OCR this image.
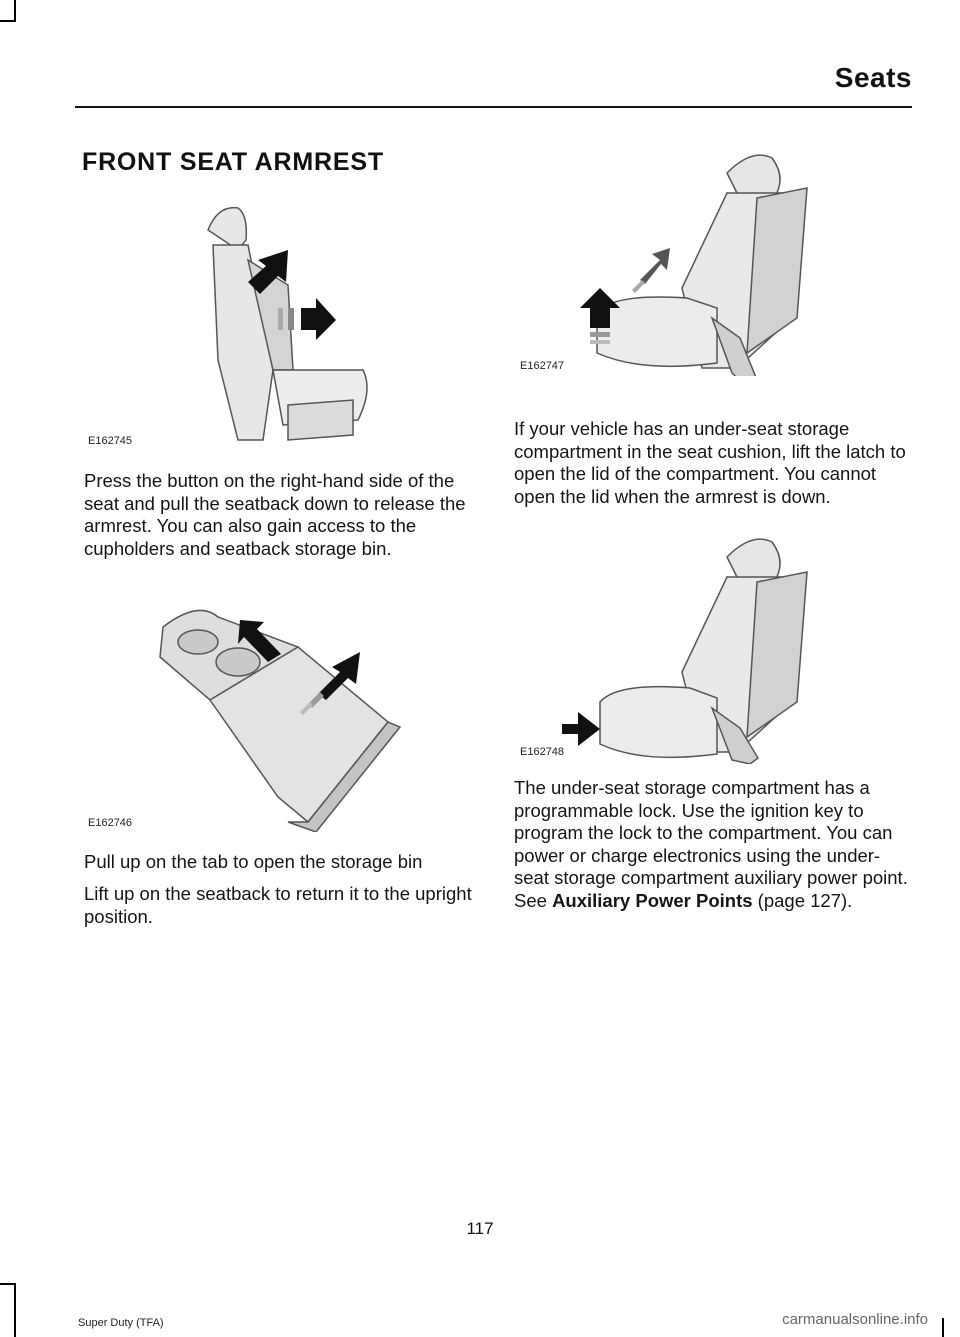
Seats
FRONT SEAT ARMREST
E162745
E162746
E162747
E162748
Press the button on the right-hand side of the seat and pull the seatback down to release the armrest. You can also gain access to the cupholders and seatback storage bin.
Pull up on the tab to open the storage bin
Lift up on the seatback to return it to the upright position.
If your vehicle has an under-seat storage compartment in the seat cushion, lift the latch to open the lid of the compartment. You cannot open the lid when the armrest is down.
The under-seat storage compartment has a programmable lock. Use the ignition key to program the lock to the compartment. You can power or charge electronics using the under-seat storage compartment auxiliary power point. See Auxiliary Power Points (page 127).
117
Super Duty (TFA)	carmanualsonline.info
